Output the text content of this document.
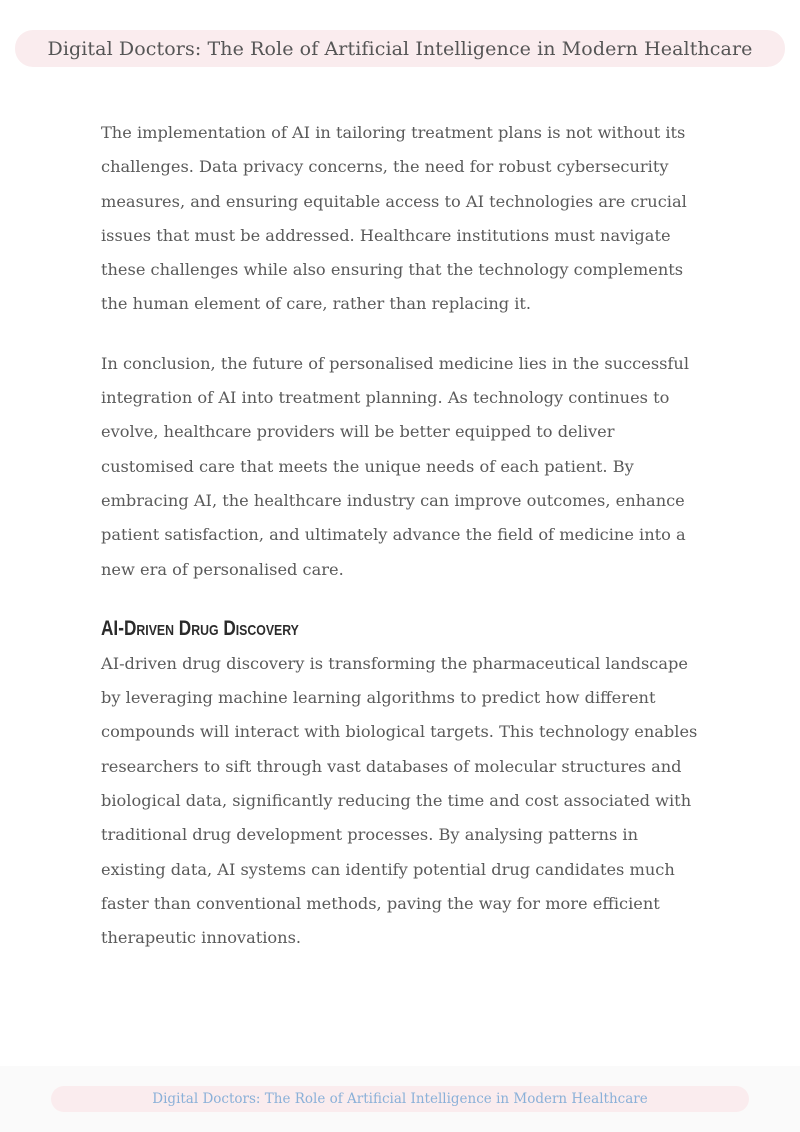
Digital Doctors: The Role of Artificial Intelligence in Modern Healthcare

The implementation of AI in tailoring treatment plans is not without its challenges. Data privacy concerns, the need for robust cybersecurity measures, and ensuring equitable access to AI technologies are crucial issues that must be addressed. Healthcare institutions must navigate these challenges while also ensuring that the technology complements the human element of care, rather than replacing it.

In conclusion, the future of personalised medicine lies in the successful integration of AI into treatment planning. As technology continues to evolve, healthcare providers will be better equipped to deliver customised care that meets the unique needs of each patient. By embracing AI, the healthcare industry can improve outcomes, enhance patient satisfaction, and ultimately advance the field of medicine into a new era of personalised care.

AI-Driven Drug Discovery

AI-driven drug discovery is transforming the pharmaceutical landscape by leveraging machine learning algorithms to predict how different compounds will interact with biological targets. This technology enables researchers to sift through vast databases of molecular structures and biological data, significantly reducing the time and cost associated with traditional drug development processes. By analysing patterns in existing data, AI systems can identify potential drug candidates much faster than conventional methods, paving the way for more efficient therapeutic innovations.

Digital Doctors: The Role of Artificial Intelligence in Modern Healthcare
